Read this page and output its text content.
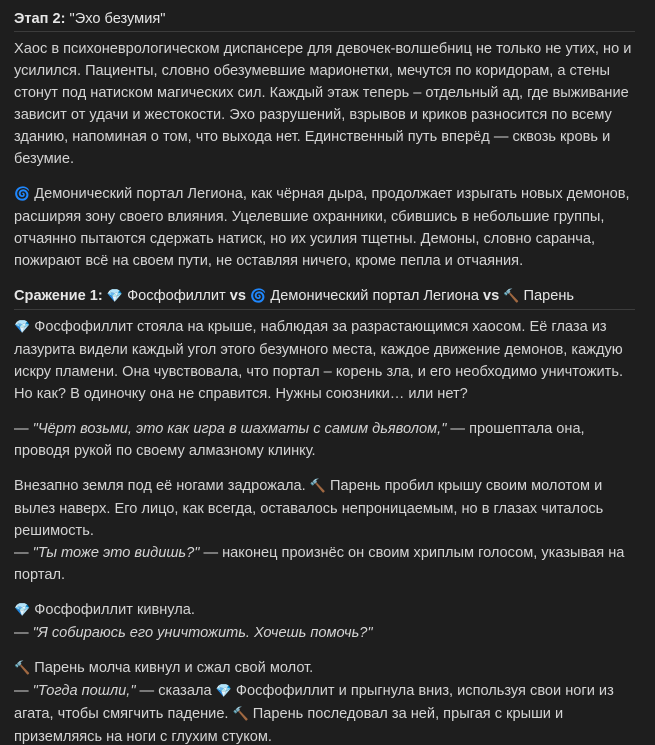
Этап 2: "Эхо безумия"

Хаос в психоневрологическом диспансере для девочек-волшебниц не только не утих, но и усилился. Пациенты, словно обезумевшие марионетки, мечутся по коридорам, а стены стонут под натиском магических сил. Каждый этаж теперь – отдельный ад, где выживание зависит от удачи и жестокости. Эхо разрушений, взрывов и криков разносится по всему зданию, напоминая о том, что выхода нет. Единственный путь вперёд — сквозь кровь и безумие.

🌀 Демонический портал Легиона, как чёрная дыра, продолжает изрыгать новых демонов, расширяя зону своего влияния. Уцелевшие охранники, сбившись в небольшие группы, отчаянно пытаются сдержать натиск, но их усилия тщетны. Демоны, словно саранча, пожирают всё на своем пути, не оставляя ничего, кроме пепла и отчаяния.

Сражение 1: 💎 Фосфофиллит vs 🌀 Демонический портал Легиона vs 🔨 Парень

💎 Фосфофиллит стояла на крыше, наблюдая за разрастающимся хаосом. Её глаза из лазурита видели каждый угол этого безумного места, каждое движение демонов, каждую искру пламени. Она чувствовала, что портал – корень зла, и его необходимо уничтожить. Но как? В одиночку она не справится. Нужны союзники… или нет?

— "Чёрт возьми, это как игра в шахматы с самим дьяволом," — прошептала она, проводя рукой по своему алмазному клинку.

Внезапно земля под её ногами задрожала. 🔨 Парень пробил крышу своим молотом и вылез наверх. Его лицо, как всегда, оставалось непроницаемым, но в глазах читалось решимость.

— "Ты тоже это видишь?" — наконец произнёс он своим хриплым голосом, указывая на портал.

💎 Фосфофиллит кивнула.

— "Я собираюсь его уничтожить. Хочешь помочь?"

🔨 Парень молча кивнул и сжал свой молот.

— "Тогда пошли," — сказала 💎 Фосфофиллит и прыгнула вниз, используя свои ноги из агата, чтобы смягчить падение. 🔨 Парень последовал за ней, прыгая с крыши и приземляясь на ноги с глухим стуком.
